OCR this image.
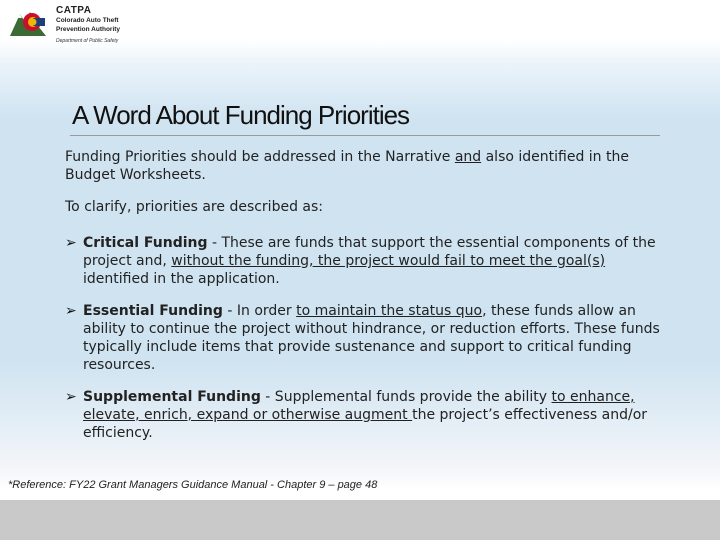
CATPA
Colorado Auto Theft
Prevention Authority
Department of Public Safety
A Word About Funding Priorities

Funding Priorities should be addressed in the Narrative and also identified in the Budget Worksheets.

To clarify, priorities are described as:

➢ Critical Funding - These are funds that support the essential components of the project and, without the funding, the project would fail to meet the goal(s) identified in the application.
➢ Essential Funding - In order to maintain the status quo, these funds allow an ability to continue the project without hindrance, or reduction efforts. These funds typically include items that provide sustenance and support to critical funding resources.
➢ Supplemental Funding - Supplemental funds provide the ability to enhance, elevate, enrich, expand or otherwise augment the project’s effectiveness and/or efficiency.
*Reference: FY22 Grant Managers Guidance Manual - Chapter 9 – page 48
